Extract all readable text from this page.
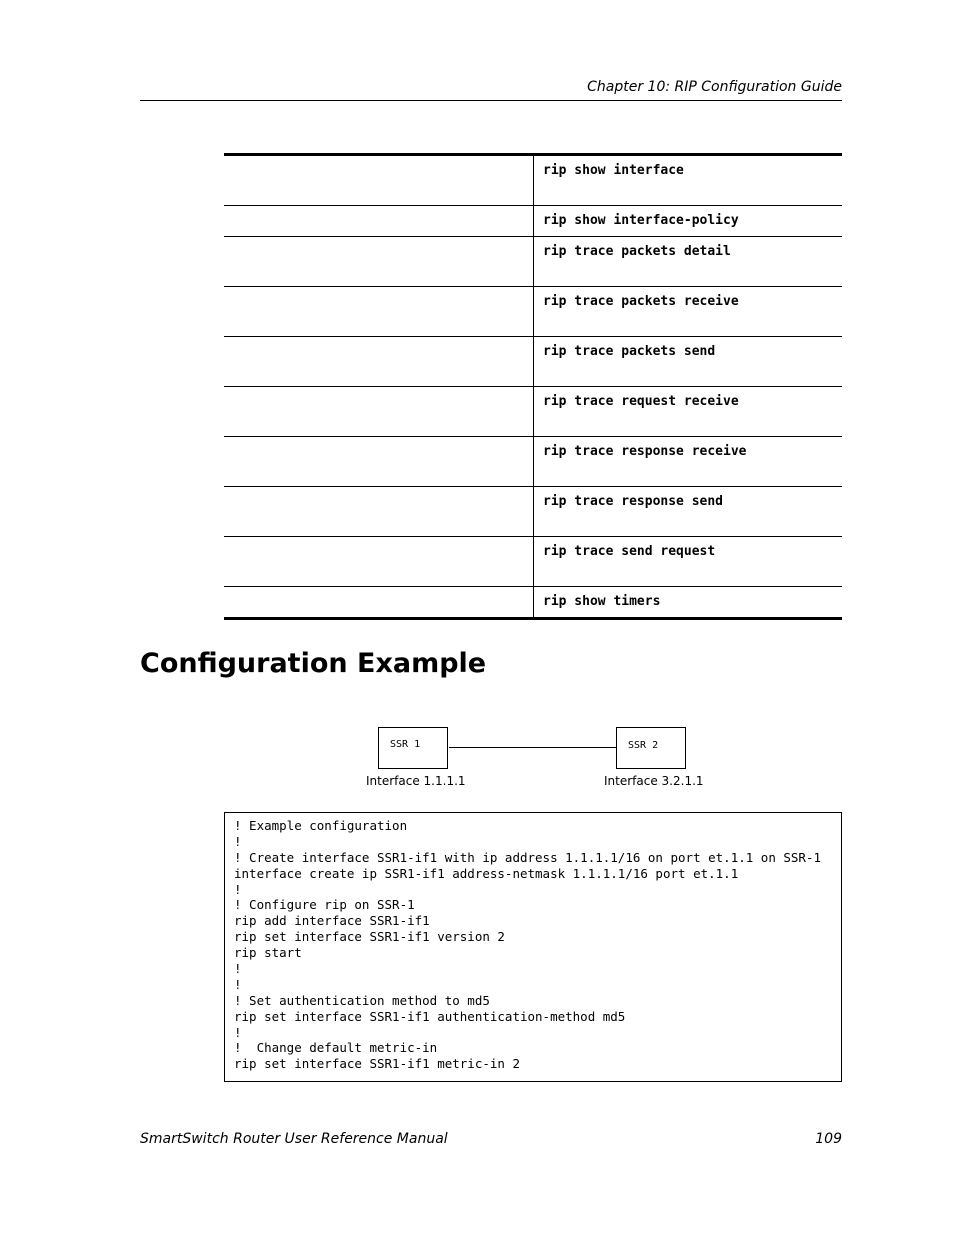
Chapter 10: RIP Configuration Guide
rip show interface
rip show interface-policy
rip trace packets detail
rip trace packets receive
rip trace packets send
rip trace request receive
rip trace response receive
rip trace response send
rip trace send request
rip show timers
Configuration Example
SSR 1	SSR 2
Interface 1.1.1.1	Interface 3.2.1.1
! Example configuration
!
! Create interface SSR1-if1 with ip address 1.1.1.1/16 on port et.1.1 on SSR-1
interface create ip SSR1-if1 address-netmask 1.1.1.1/16 port et.1.1
!
! Configure rip on SSR-1
rip add interface SSR1-if1
rip set interface SSR1-if1 version 2
rip start
!
!
! Set authentication method to md5
rip set interface SSR1-if1 authentication-method md5
!
!  Change default metric-in
rip set interface SSR1-if1 metric-in 2
SmartSwitch Router User Reference Manual	109
